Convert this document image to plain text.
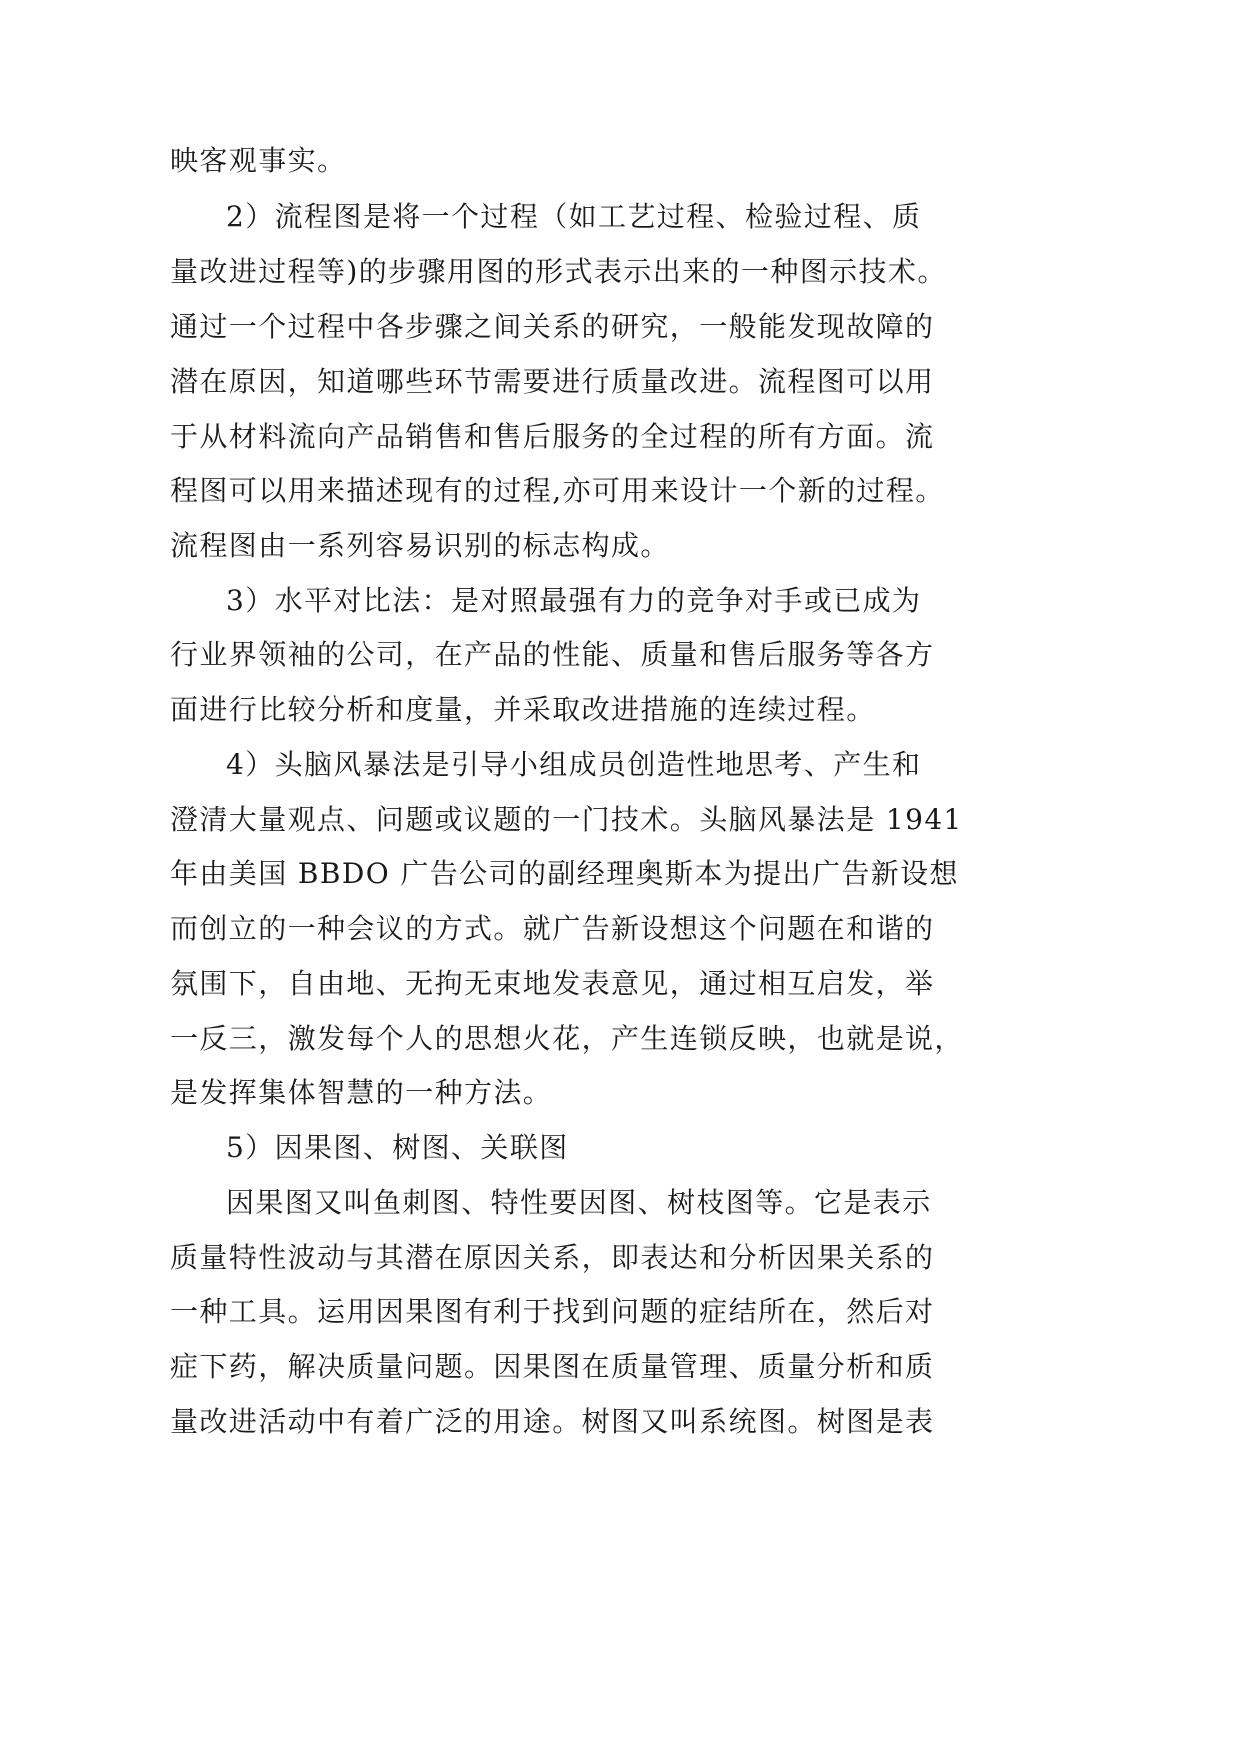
映客观事实。
2）流程图是将一个过程（如工艺过程、检验过程、质
量改进过程等)的步骤用图的形式表示出来的一种图示技术。
通过一个过程中各步骤之间关系的研究，一般能发现故障的
潜在原因，知道哪些环节需要进行质量改进。流程图可以用
于从材料流向产品销售和售后服务的全过程的所有方面。流
程图可以用来描述现有的过程,亦可用来设计一个新的过程。
流程图由一系列容易识别的标志构成。
3）水平对比法：是对照最强有力的竞争对手或已成为
行业界领袖的公司，在产品的性能、质量和售后服务等各方
面进行比较分析和度量，并采取改进措施的连续过程。
4）头脑风暴法是引导小组成员创造性地思考、产生和
澄清大量观点、问题或议题的一门技术。头脑风暴法是 1941
年由美国 BBDO 广告公司的副经理奥斯本为提出广告新设想
而创立的一种会议的方式。就广告新设想这个问题在和谐的
氛围下，自由地、无拘无束地发表意见，通过相互启发，举
一反三，激发每个人的思想火花，产生连锁反映，也就是说，
是发挥集体智慧的一种方法。
5）因果图、树图、关联图
因果图又叫鱼刺图、特性要因图、树枝图等。它是表示
质量特性波动与其潜在原因关系，即表达和分析因果关系的
一种工具。运用因果图有利于找到问题的症结所在，然后对
症下药，解决质量问题。因果图在质量管理、质量分析和质
量改进活动中有着广泛的用途。树图又叫系统图。树图是表
